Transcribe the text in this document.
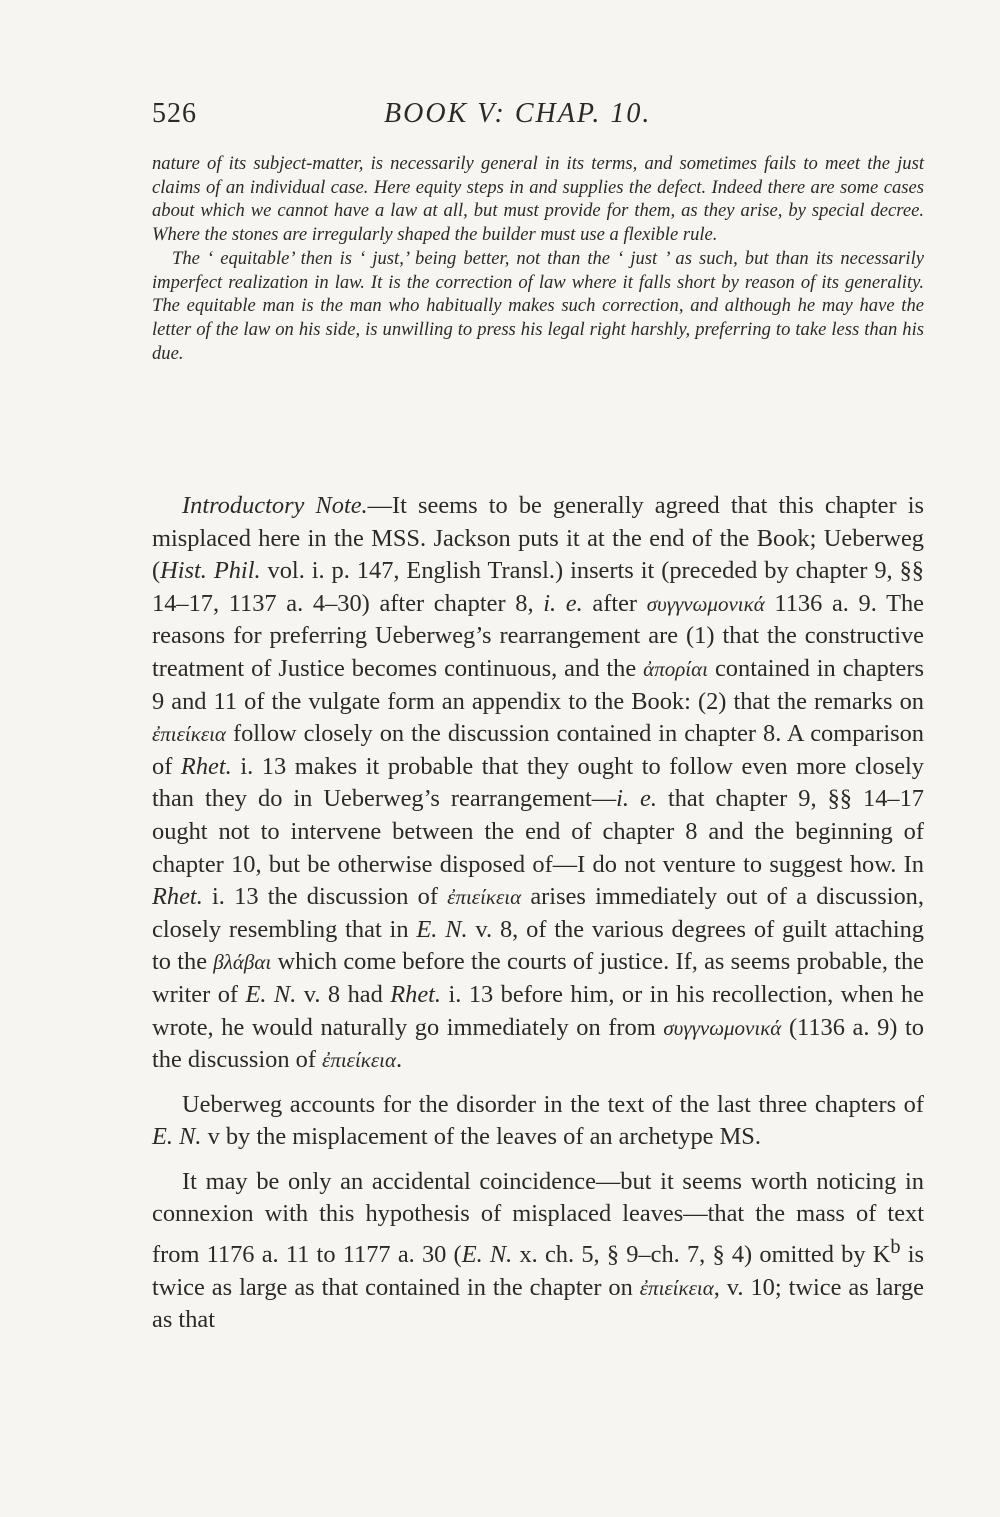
526	BOOK V: CHAP. 10.

nature of its subject-matter, is necessarily general in its terms, and sometimes fails to meet the just claims of an individual case. Here equity steps in and supplies the defect. Indeed there are some cases about which we cannot have a law at all, but must provide for them, as they arise, by special decree. Where the stones are irregularly shaped the builder must use a flexible rule.

The ‘ equitable’ then is ‘ just,’ being better, not than the ‘ just ’ as such, but than its necessarily imperfect realization in law. It is the correction of law where it falls short by reason of its generality. The equitable man is the man who habitually makes such correction, and although he may have the letter of the law on his side, is unwilling to press his legal right harshly, preferring to take less than his due.

Introductory Note.—It seems to be generally agreed that this chapter is misplaced here in the MSS. Jackson puts it at the end of the Book; Ueberweg (Hist. Phil. vol. i. p. 147, English Transl.) inserts it (preceded by chapter 9, §§ 14–17, 1137 a. 4–30) after chapter 8, i. e. after συγγνωμονικά 1136 a. 9. The reasons for preferring Ueberweg’s rearrangement are (1) that the constructive treatment of Justice becomes continuous, and the ἀπορίαι contained in chapters 9 and 11 of the vulgate form an appendix to the Book: (2) that the remarks on ἐπιείκεια follow closely on the discussion contained in chapter 8. A comparison of Rhet. i. 13 makes it probable that they ought to follow even more closely than they do in Ueberweg’s rearrangement—i. e. that chapter 9, §§ 14–17 ought not to intervene between the end of chapter 8 and the beginning of chapter 10, but be otherwise disposed of—I do not venture to suggest how. In Rhet. i. 13 the discussion of ἐπιείκεια arises immediately out of a discussion, closely resembling that in E. N. v. 8, of the various degrees of guilt attaching to the βλάβαι which come before the courts of justice. If, as seems probable, the writer of E. N. v. 8 had Rhet. i. 13 before him, or in his recollection, when he wrote, he would naturally go immediately on from συγγνωμονικά (1136 a. 9) to the discussion of ἐπιείκεια.

Ueberweg accounts for the disorder in the text of the last three chapters of E. N. v by the misplacement of the leaves of an archetype MS.

It may be only an accidental coincidence—but it seems worth noticing in connexion with this hypothesis of misplaced leaves—that the mass of text from 1176 a. 11 to 1177 a. 30 (E. N. x. ch. 5, § 9–ch. 7, § 4) omitted by $K^b$ is twice as large as that contained in the chapter on ἐπιείκεια, v. 10; twice as large as that
